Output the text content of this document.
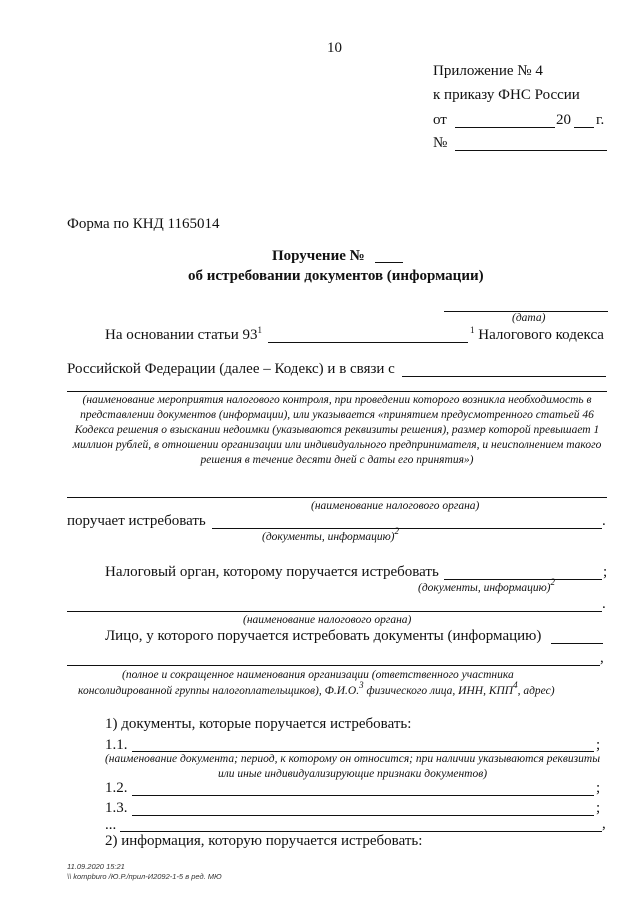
10
Приложение № 4
к приказу ФНС России
от	20 г.
№
Форма по КНД 1165014
Поручение №
об истребовании документов (информации)
(дата)
На основании статьи $93^1$	$^1$ Налогового кодекса
Российской Федерации (далее – Кодекс) и в связи с
(наименование мероприятия налогового контроля, при проведении которого возникла необходимость в представлении документов (информации), или указывается «принятием предусмотренного статьей 46 Кодекса решения о взыскании недоимки (указываются реквизиты решения), размер которой превышает 1 миллион рублей, в отношении организации или индивидуального предпринимателя, и неисполнением такого решения в течение десяти дней с даты его принятия»)
(наименование налогового органа)
поручает истребовать	.
(документы, информацию)$^2$
Налоговый орган, которому поручается истребовать	;
(документы, информацию)$^2$
.
(наименование налогового органа)
Лицо, у которого поручается истребовать документы (информацию)
,
(полное и сокращенное наименования организации (ответственного участника
консолидированной группы налогоплательщиков), Ф.И.О.$^3$ физического лица, ИНН, КПП$^4$, адрес)
1) документы, которые поручается истребовать:
1.1.	;
(наименование документа; период, к которому он относится; при наличии указываются реквизиты или иные индивидуализирующие признаки документов)
1.2.	;
1.3.	;
...	,
2) информация, которую поручается истребовать:
11.09.2020 15:21
\\ kompburo /Ю.Р./прил-И2092-1-5 в ред. МЮ
